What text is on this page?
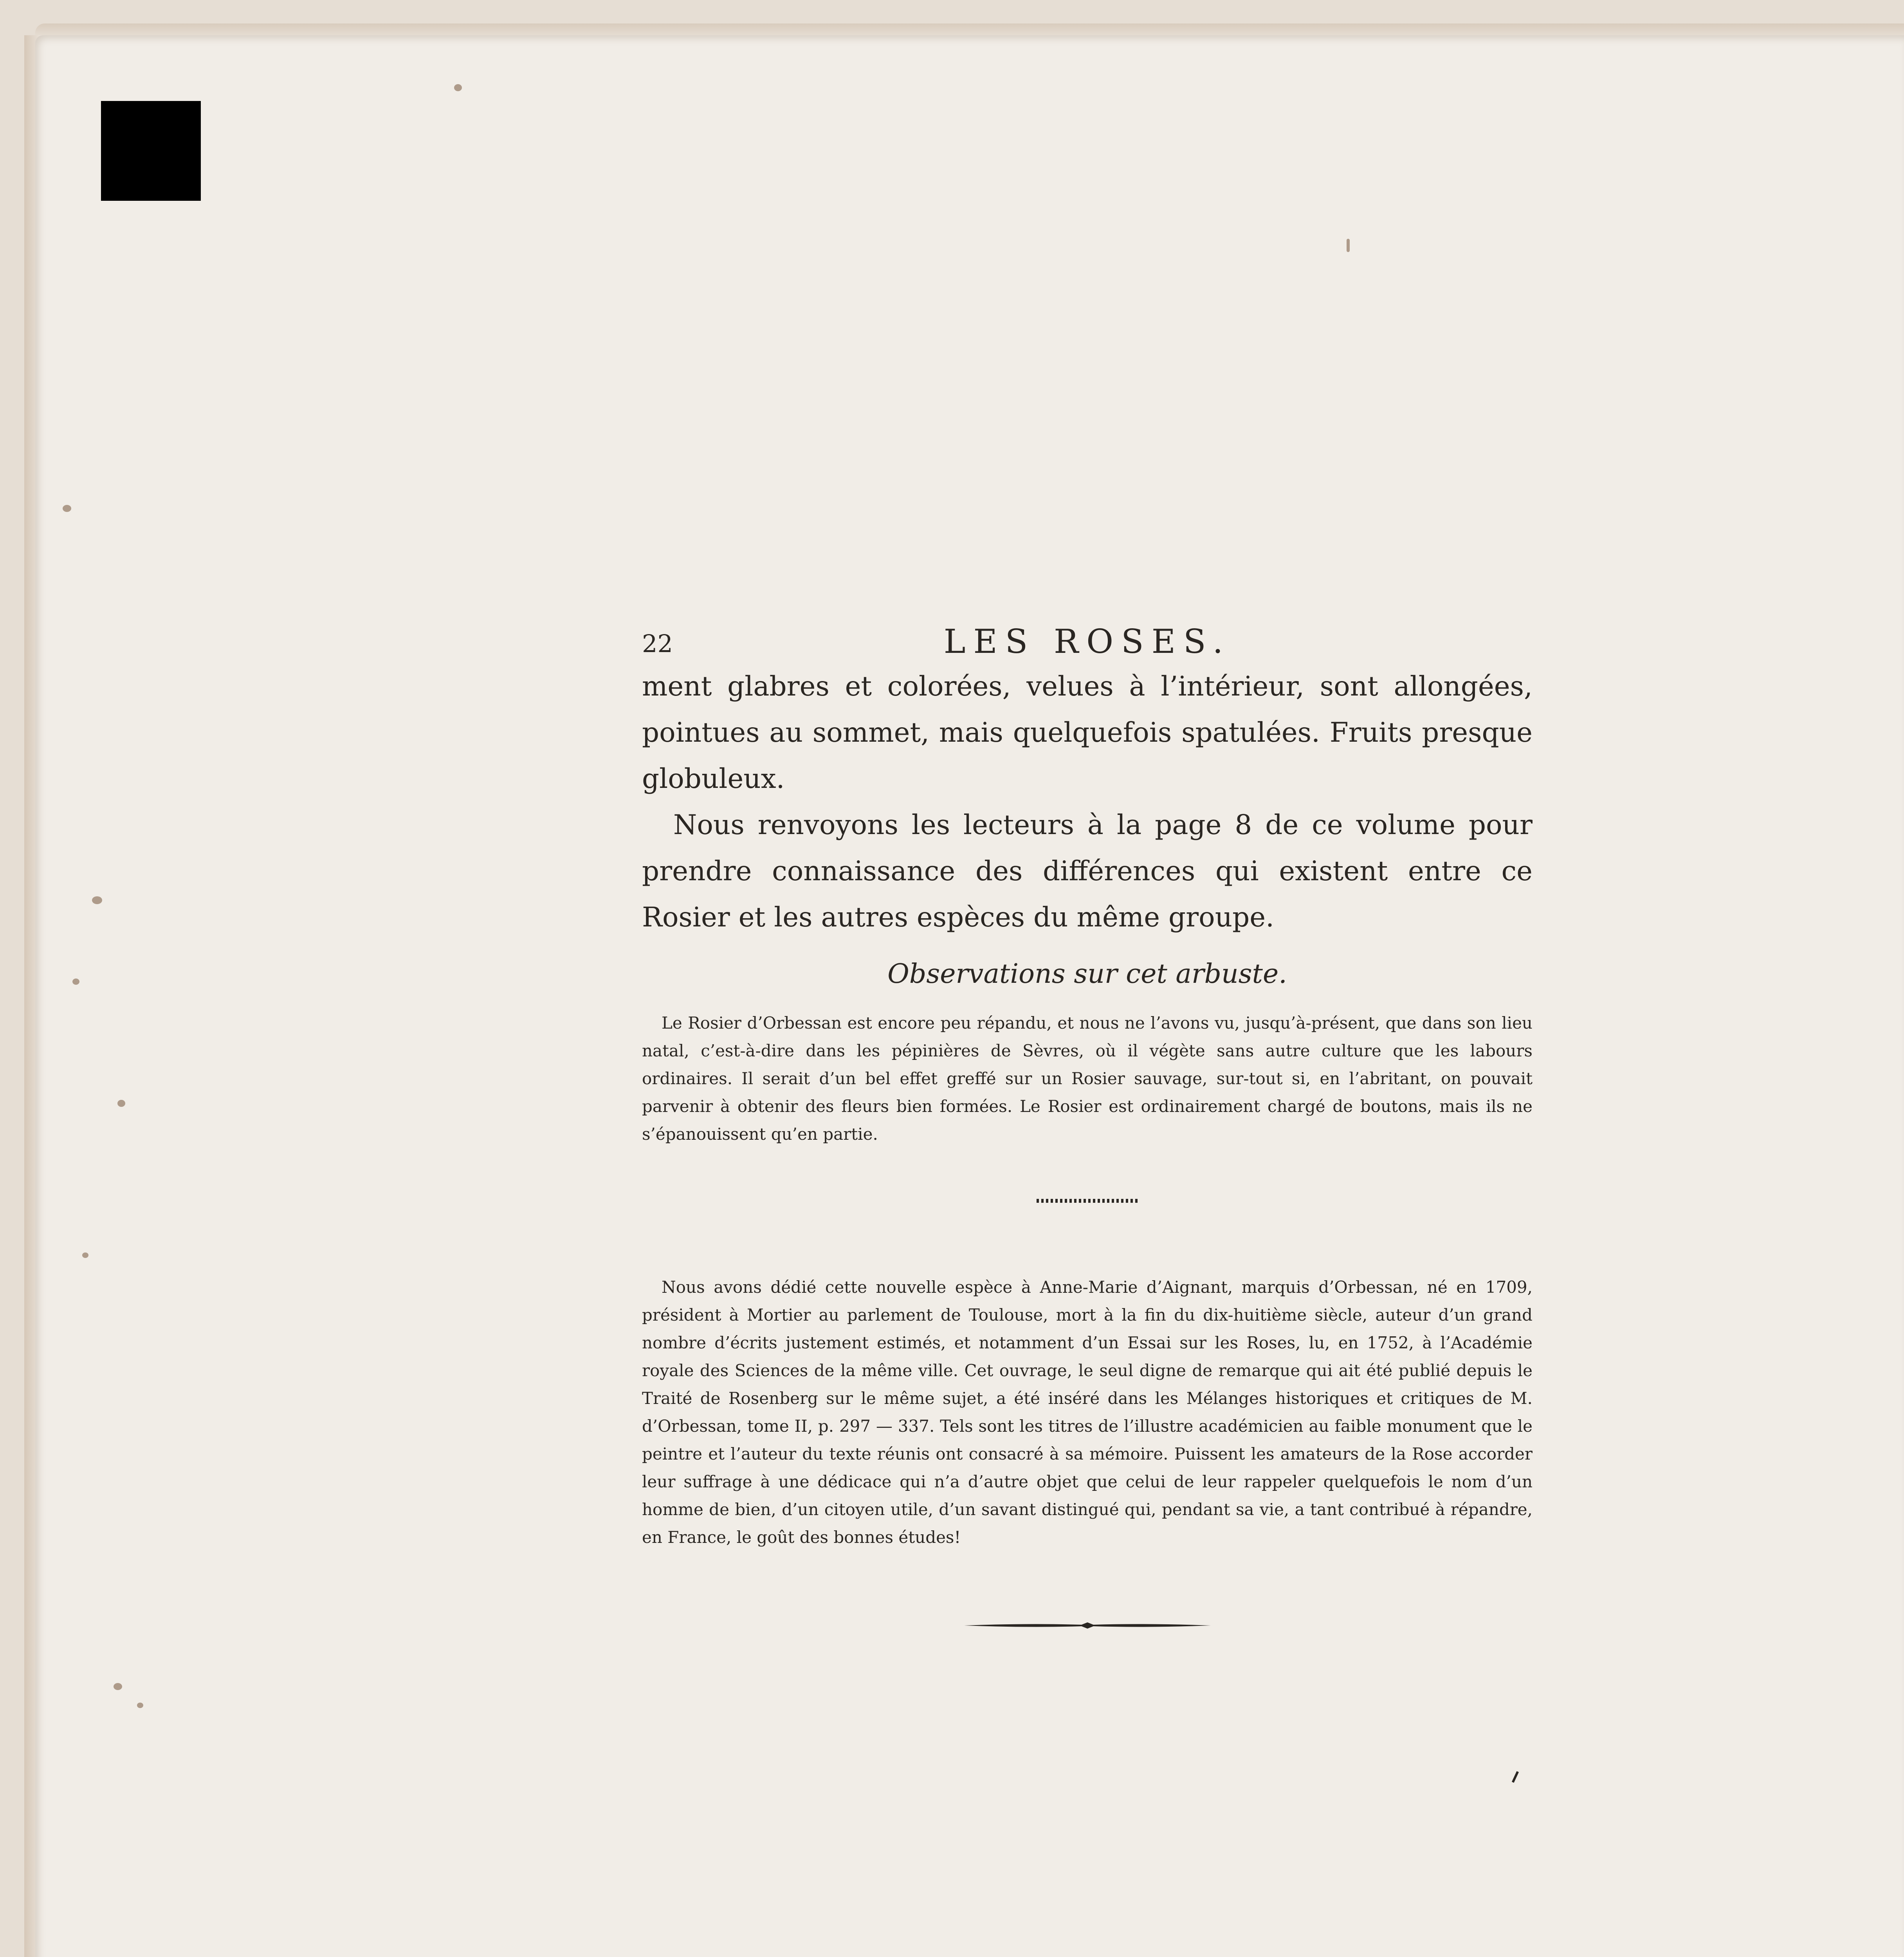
22	LES ROSES.

ment glabres et colorées, velues à l’intérieur, sont allongées, pointues au sommet, mais quelquefois spatulées. Fruits presque globuleux.

Nous renvoyons les lecteurs à la page 8 de ce volume pour prendre connaissance des différences qui existent entre ce Rosier et les autres espèces du même groupe.

Observations sur cet arbuste.

Le Rosier d’Orbessan est encore peu répandu, et nous ne l’avons vu, jusqu’à-présent, que dans son lieu natal, c’est-à-dire dans les pépinières de Sèvres, où il végète sans autre culture que les labours ordinaires. Il serait d’un bel effet greffé sur un Rosier sauvage, sur-tout si, en l’abritant, on pouvait parvenir à obtenir des fleurs bien formées. Le Rosier est ordinairement chargé de boutons, mais ils ne s’épanouissent qu’en partie.

Nous avons dédié cette nouvelle espèce à Anne-Marie d’Aignant, marquis d’Orbessan, né en 1709, président à Mortier au parlement de Toulouse, mort à la fin du dix-huitième siècle, auteur d’un grand nombre d’écrits justement estimés, et notamment d’un Essai sur les Roses, lu, en 1752, à l’Académie royale des Sciences de la même ville. Cet ouvrage, le seul digne de remarque qui ait été publié depuis le Traité de Rosenberg sur le même sujet, a été inséré dans les Mélanges historiques et critiques de M. d’Orbessan, tome II, p. 297 — 337. Tels sont les titres de l’illustre académicien au faible monument que le peintre et l’auteur du texte réunis ont consacré à sa mémoire. Puissent les amateurs de la Rose accorder leur suffrage à une dédicace qui n’a d’autre objet que celui de leur rappeler quelquefois le nom d’un homme de bien, d’un citoyen utile, d’un savant distingué qui, pendant sa vie, a tant contribué à répandre, en France, le goût des bonnes études!
